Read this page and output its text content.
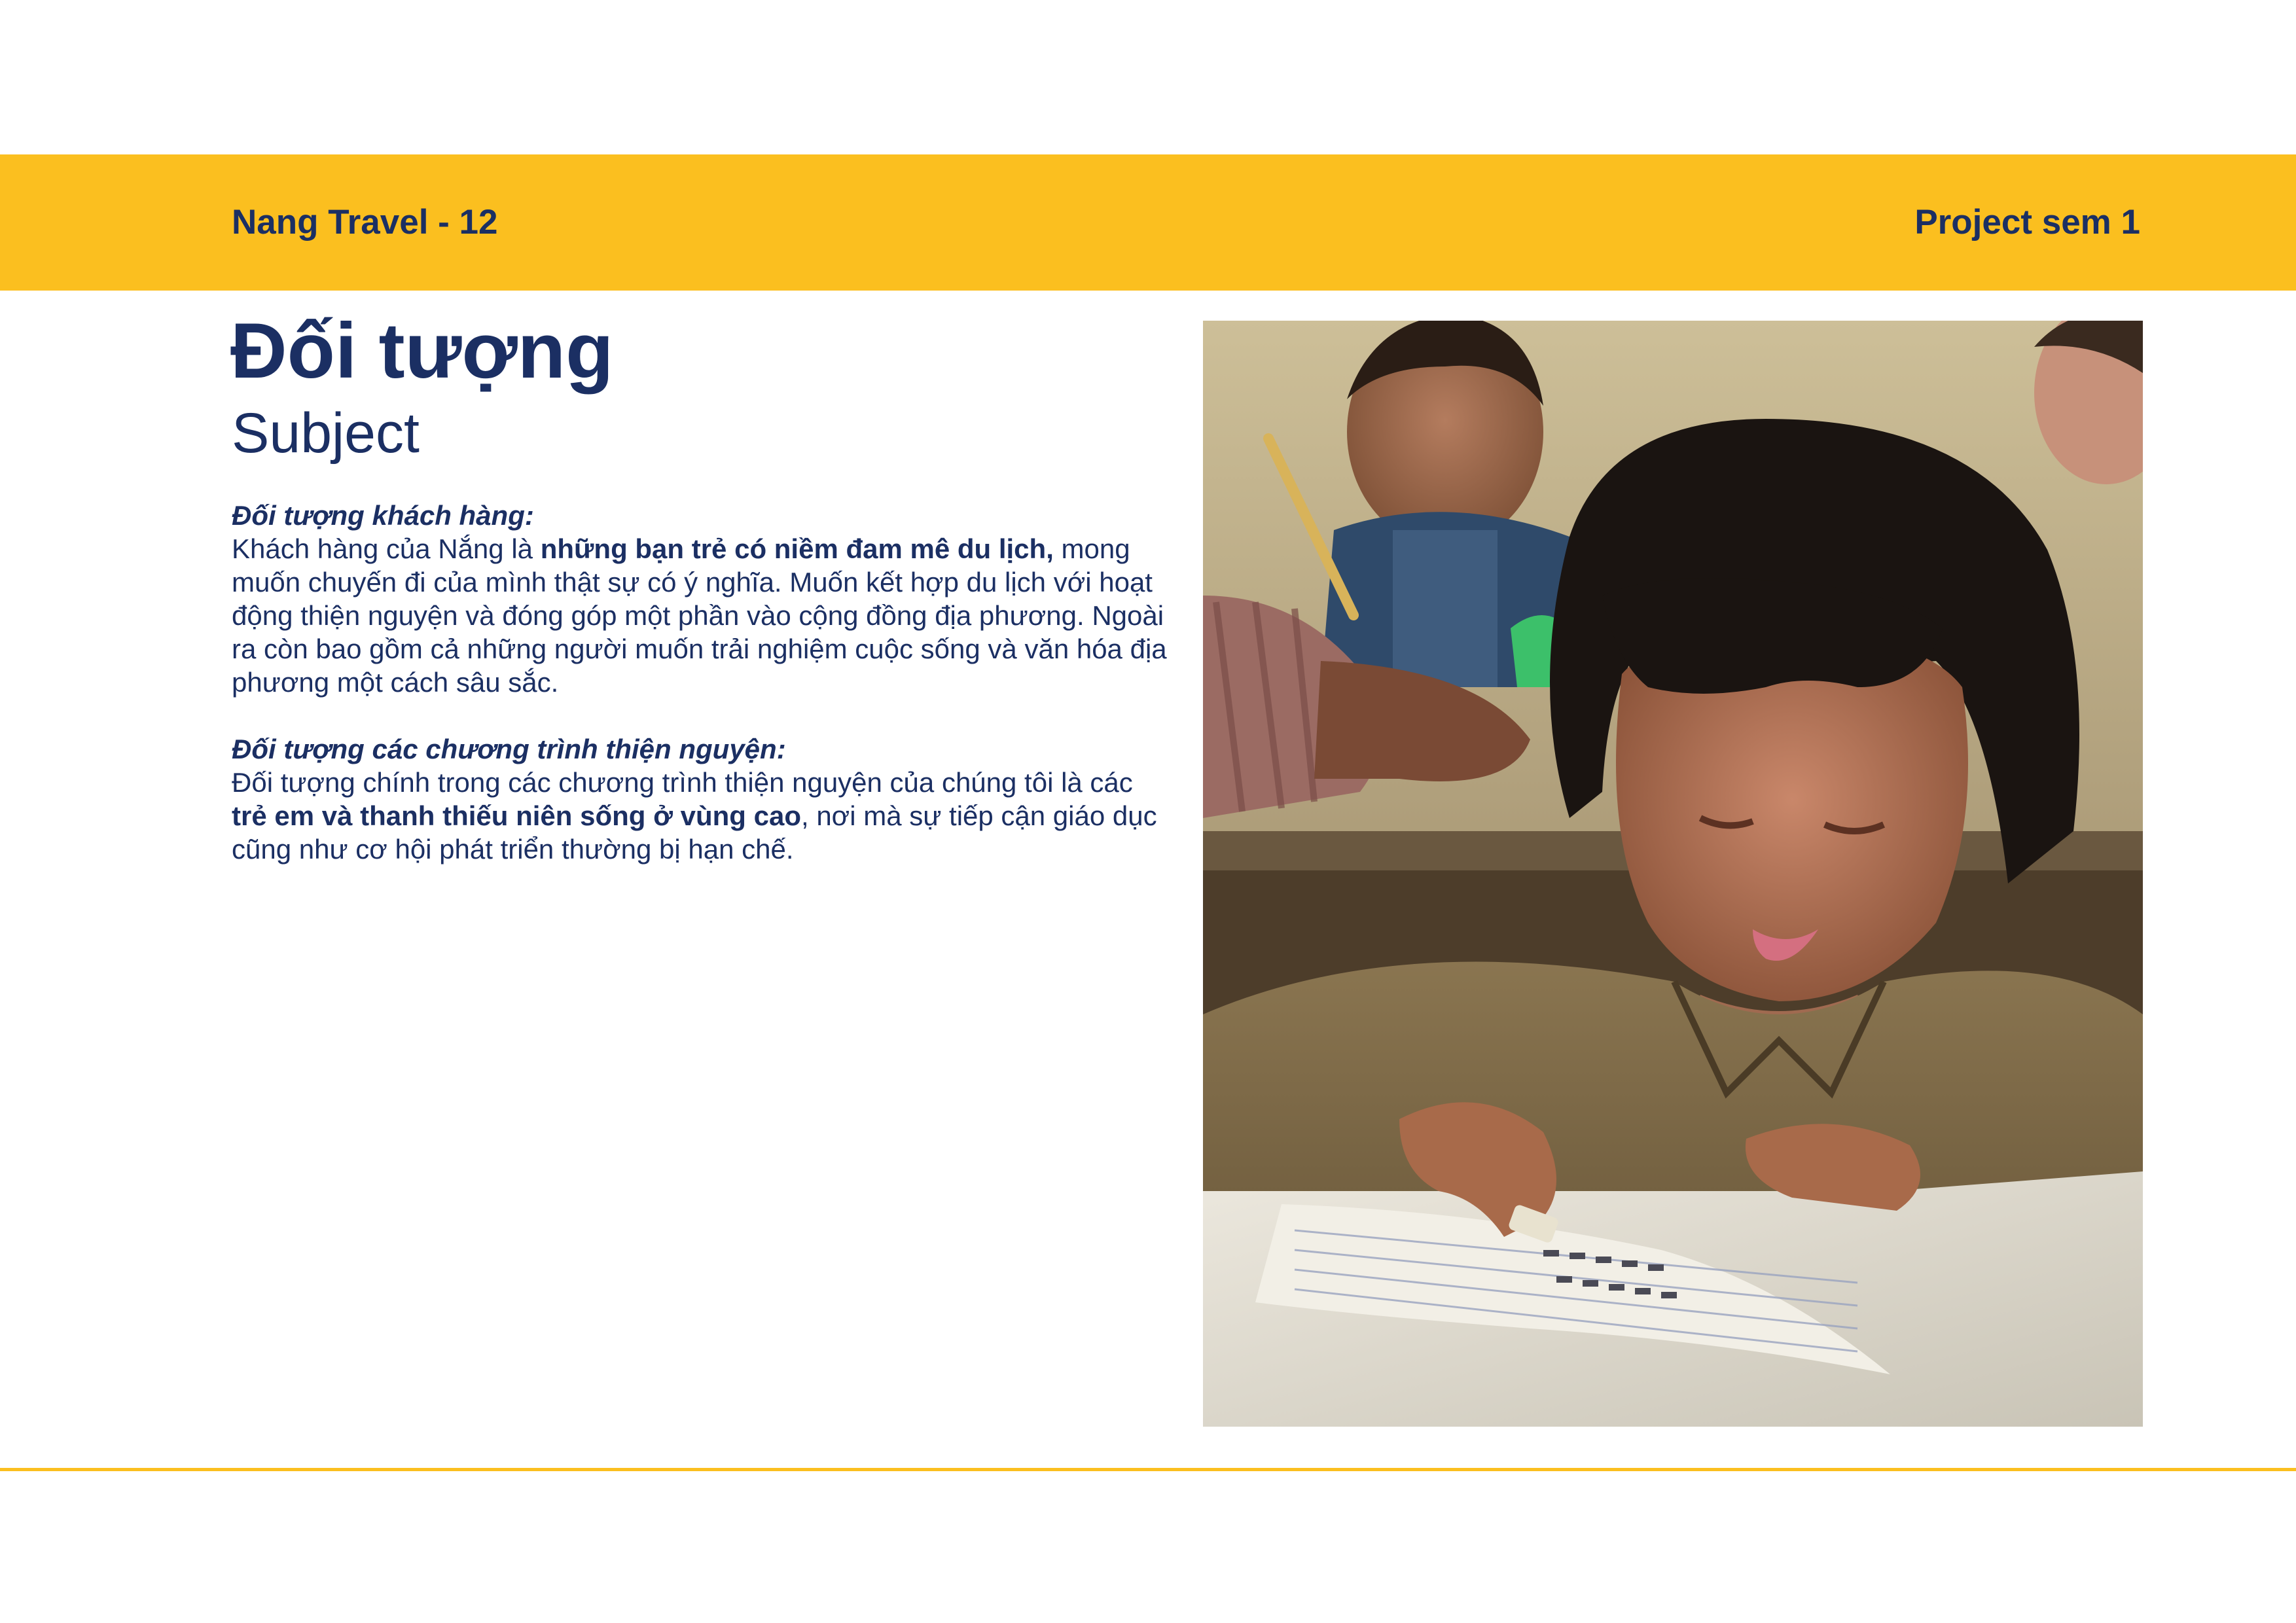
Nang Travel - 12	Project sem 1
Đối tượng
Subject

Đối tượng khách hàng:

Khách hàng của Nắng là những bạn trẻ có niềm đam mê du lịch, mong muốn chuyến đi của mình thật sự có ý nghĩa. Muốn kết hợp du lịch với hoạt động thiện nguyện và đóng góp một phần vào cộng đồng địa phương. Ngoài ra còn bao gồm cả những người muốn trải nghiệm cuộc sống và văn hóa địa phương một cách sâu sắc.

Đối tượng các chương trình thiện nguyện:

Đối tượng chính trong các chương trình thiện nguyện của chúng tôi là các trẻ em và thanh thiếu niên sống ở vùng cao, nơi mà sự tiếp cận giáo dục cũng như cơ hội phát triển thường bị hạn chế.
